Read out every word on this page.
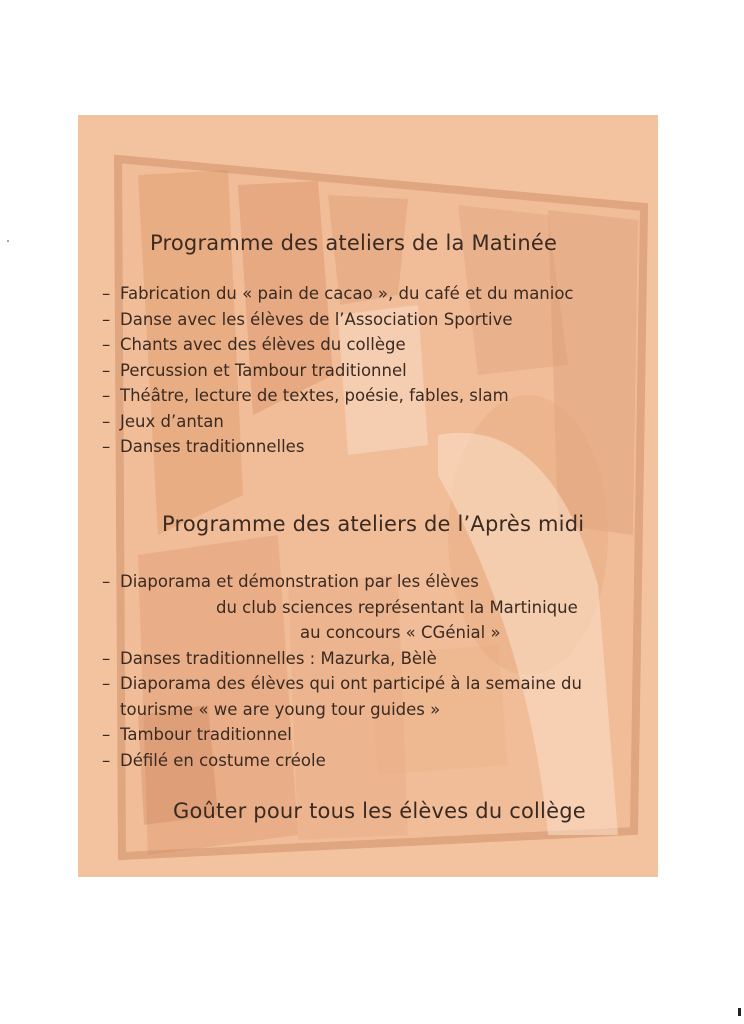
Programme des ateliers de la Matinée
– Fabrication du « pain de cacao », du café et du manioc
– Danse avec les élèves de l’Association Sportive
– Chants avec des élèves du collège
– Percussion et Tambour traditionnel
– Théâtre, lecture de textes, poésie, fables, slam
– Jeux d’antan
– Danses traditionnelles
Programme des ateliers de l’Après midi
– Diaporama et démonstration par les élèves
du club sciences représentant la Martinique
au concours « CGénial »
– Danses traditionnelles : Mazurka, Bèlè
– Diaporama des élèves qui ont participé à la semaine du
tourisme « we are young tour guides »
– Tambour traditionnel
– Défilé en costume créole
Goûter pour tous les élèves du collège
